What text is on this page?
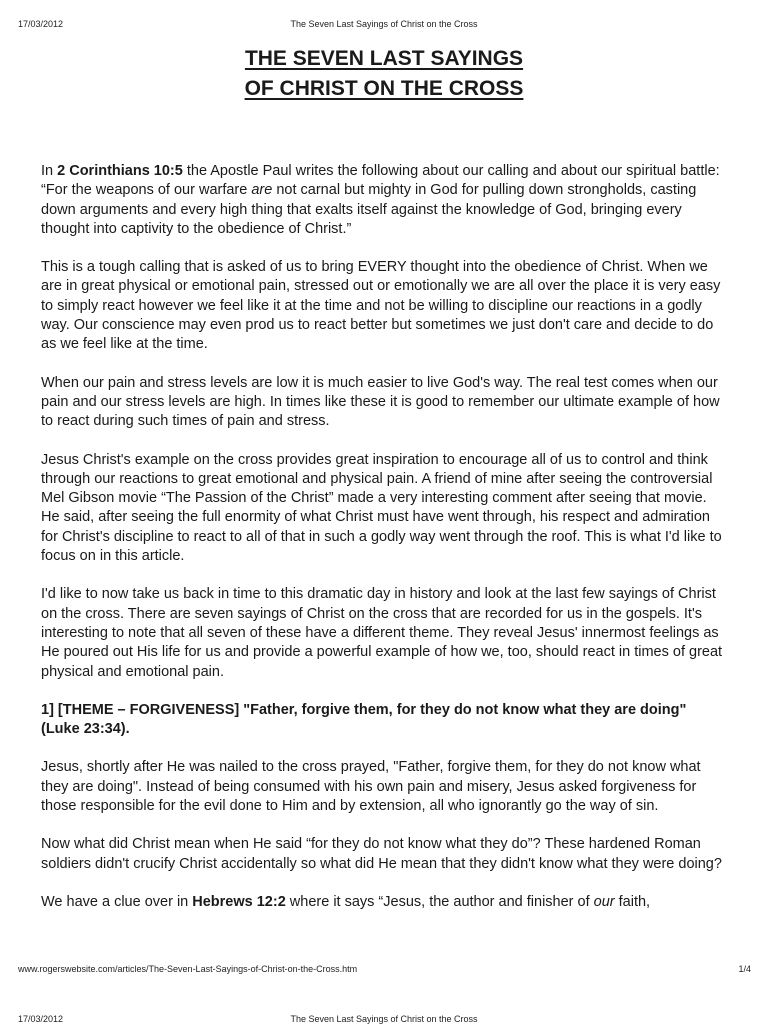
17/03/2012	The Seven Last Sayings of Christ on the Cross
THE SEVEN LAST SAYINGS
OF CHRIST ON THE CROSS

In 2 Corinthians 10:5 the Apostle Paul writes the following about our calling and about our spiritual battle: “For the weapons of our warfare are not carnal but mighty in God for pulling down strongholds, casting down arguments and every high thing that exalts itself against the knowledge of God, bringing every thought into captivity to the obedience of Christ.”

This is a tough calling that is asked of us to bring EVERY thought into the obedience of Christ. When we are in great physical or emotional pain, stressed out or emotionally we are all over the place it is very easy to simply react however we feel like it at the time and not be willing to discipline our reactions in a godly way. Our conscience may even prod us to react better but sometimes we just don't care and decide to do as we feel like at the time.

When our pain and stress levels are low it is much easier to live God's way. The real test comes when our pain and our stress levels are high. In times like these it is good to remember our ultimate example of how to react during such times of pain and stress.

Jesus Christ's example on the cross provides great inspiration to encourage all of us to control and think through our reactions to great emotional and physical pain. A friend of mine after seeing the controversial Mel Gibson movie “The Passion of the Christ” made a very interesting comment after seeing that movie. He said, after seeing the full enormity of what Christ must have went through, his respect and admiration for Christ's discipline to react to all of that in such a godly way went through the roof. This is what I'd like to focus on in this article.

I'd like to now take us back in time to this dramatic day in history and look at the last few sayings of Christ on the cross. There are seven sayings of Christ on the cross that are recorded for us in the gospels. It's interesting to note that all seven of these have a different theme. They reveal Jesus' innermost feelings as He poured out His life for us and provide a powerful example of how we, too, should react in times of great physical and emotional pain.

1] [THEME – FORGIVENESS] "Father, forgive them, for they do not know what they are doing" (Luke 23:34).

Jesus, shortly after He was nailed to the cross prayed, "Father, forgive them, for they do not know what they are doing". Instead of being consumed with his own pain and misery, Jesus asked forgiveness for those responsible for the evil done to Him and by extension, all who ignorantly go the way of sin.

Now what did Christ mean when He said “for they do not know what they do”? These hardened Roman soldiers didn't crucify Christ accidentally so what did He mean that they didn't know what they were doing?

We have a clue over in Hebrews 12:2 where it says “Jesus, the author and finisher of our faith,

www.rogerswebsite.com/articles/The-Seven-Last-Sayings-of-Christ-on-the-Cross.htm	1/4
17/03/2012	The Seven Last Sayings of Christ on the Cross
